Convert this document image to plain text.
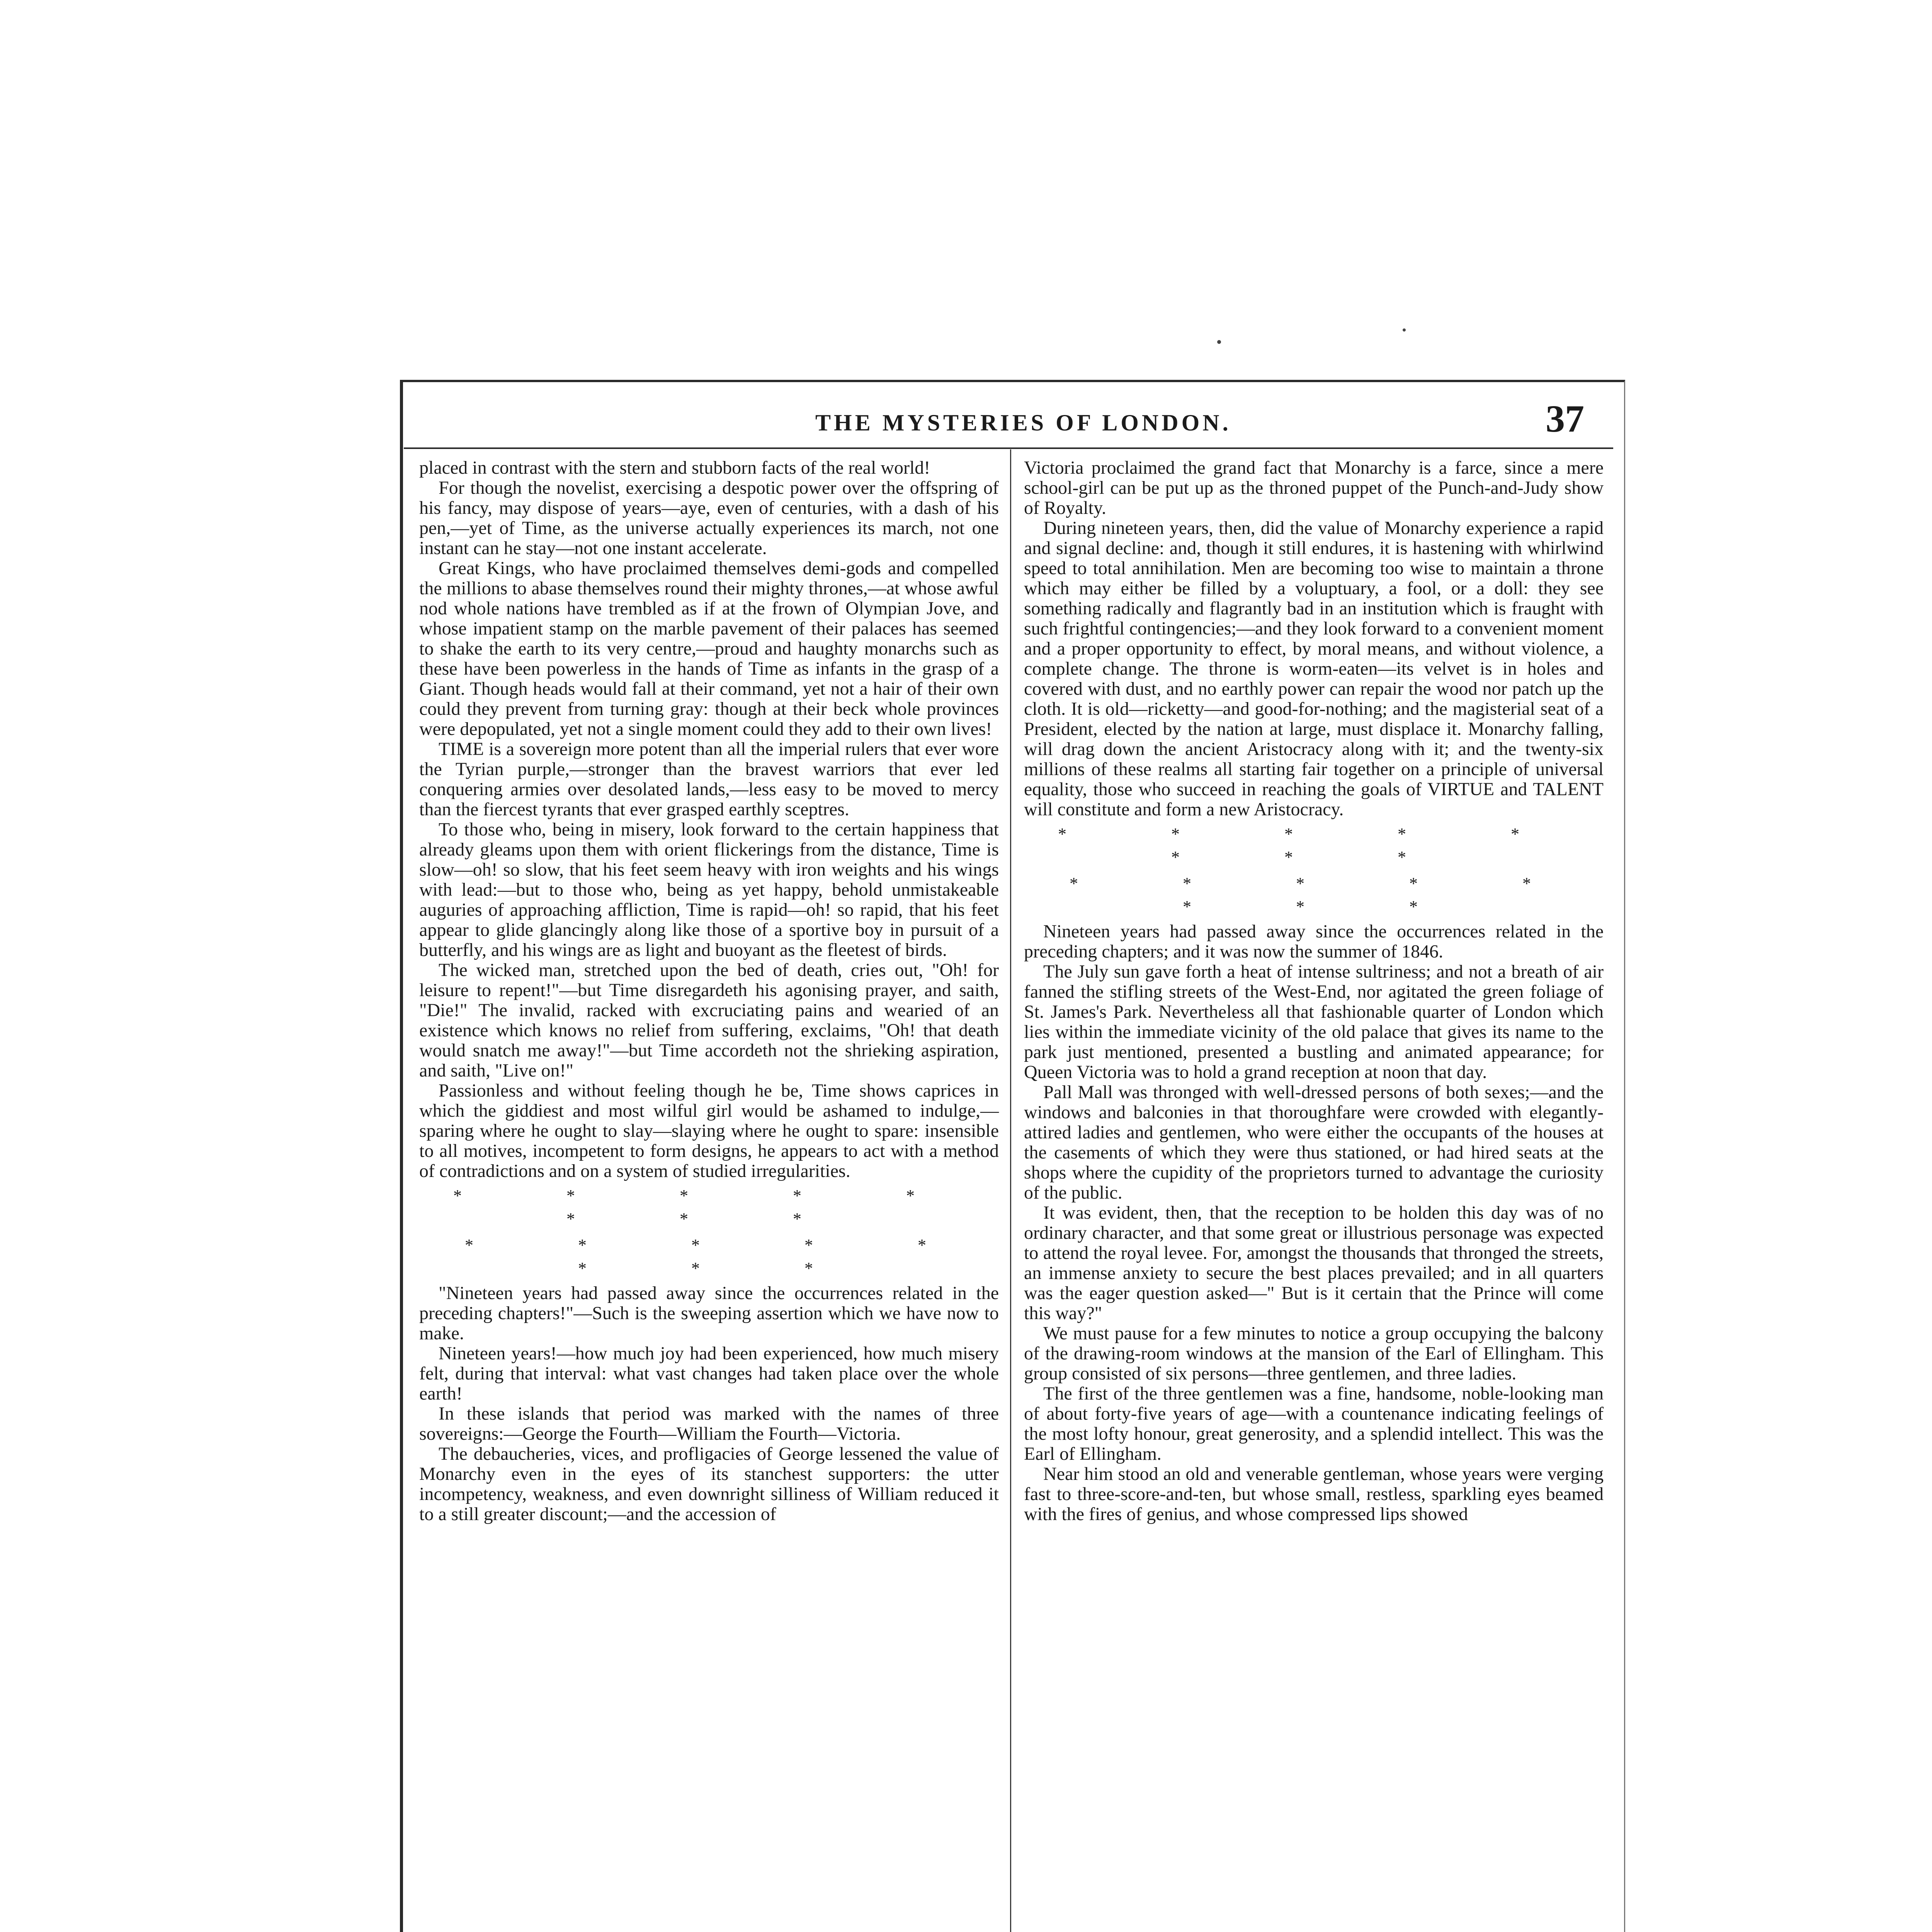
THE MYSTERIES OF LONDON.	37

placed in contrast with the stern and stubborn facts of the real world!

For though the novelist, exercising a despotic power over the offspring of his fancy, may dispose of years—aye, even of centuries, with a dash of his pen,—yet of Time, as the universe actually experiences its march, not one instant can he stay—not one instant accelerate.

Great Kings, who have proclaimed themselves demi-gods and compelled the millions to abase themselves round their mighty thrones,—at whose awful nod whole nations have trembled as if at the frown of Olympian Jove, and whose impatient stamp on the marble pavement of their palaces has seemed to shake the earth to its very centre,—proud and haughty monarchs such as these have been powerless in the hands of Time as infants in the grasp of a Giant. Though heads would fall at their command, yet not a hair of their own could they prevent from turning gray: though at their beck whole provinces were depopulated, yet not a single moment could they add to their own lives!

TIME is a sovereign more potent than all the imperial rulers that ever wore the Tyrian purple,—stronger than the bravest warriors that ever led conquering armies over desolated lands,—less easy to be moved to mercy than the fiercest tyrants that ever grasped earthly sceptres.

To those who, being in misery, look forward to the certain happiness that already gleams upon them with orient flickerings from the distance, Time is slow—oh! so slow, that his feet seem heavy with iron weights and his wings with lead:—but to those who, being as yet happy, behold unmistakeable auguries of approaching affliction, Time is rapid—oh! so rapid, that his feet appear to glide glancingly along like those of a sportive boy in pursuit of a butterfly, and his wings are as light and buoyant as the fleetest of birds.

The wicked man, stretched upon the bed of death, cries out, "Oh! for leisure to repent!"—but Time disregardeth his agonising prayer, and saith, "Die!" The invalid, racked with excruciating pains and wearied of an existence which knows no relief from suffering, exclaims, "Oh! that death would snatch me away!"—but Time accordeth not the shrieking aspiration, and saith, "Live on!"

Passionless and without feeling though he be, Time shows caprices in which the giddiest and most wilful girl would be ashamed to indulge,—sparing where he ought to slay—slaying where he ought to spare: insensible to all motives, incompetent to form designs, he appears to act with a method of contradictions and on a system of studied irregularities.

* * * * * * * *
* * * * * * * *

"Nineteen years had passed away since the occurrences related in the preceding chapters!"—Such is the sweeping assertion which we have now to make.

Nineteen years!—how much joy had been experienced, how much misery felt, during that interval: what vast changes had taken place over the whole earth!

In these islands that period was marked with the names of three sovereigns:—George the Fourth—William the Fourth—Victoria.

The debaucheries, vices, and profligacies of George lessened the value of Monarchy even in the eyes of its stanchest supporters: the utter incompetency, weakness, and even downright silliness of William reduced it to a still greater discount;—and the accession of

Victoria proclaimed the grand fact that Monarchy is a farce, since a mere school-girl can be put up as the throned puppet of the Punch-and-Judy show of Royalty.

During nineteen years, then, did the value of Monarchy experience a rapid and signal decline: and, though it still endures, it is hastening with whirlwind speed to total annihilation. Men are becoming too wise to maintain a throne which may either be filled by a voluptuary, a fool, or a doll: they see something radically and flagrantly bad in an institution which is fraught with such frightful contingencies;—and they look forward to a convenient moment and a proper opportunity to effect, by moral means, and without violence, a complete change. The throne is worm-eaten—its velvet is in holes and covered with dust, and no earthly power can repair the wood nor patch up the cloth. It is old—ricketty—and good-for-nothing; and the magisterial seat of a President, elected by the nation at large, must displace it. Monarchy falling, will drag down the ancient Aristocracy along with it; and the twenty-six millions of these realms all starting fair together on a principle of universal equality, those who succeed in reaching the goals of VIRTUE and TALENT will constitute and form a new Aristocracy.

* * * * * * * *
* * * * * * * *

Nineteen years had passed away since the occurrences related in the preceding chapters; and it was now the summer of 1846.

The July sun gave forth a heat of intense sultriness; and not a breath of air fanned the stifling streets of the West-End, nor agitated the green foliage of St. James's Park. Nevertheless all that fashionable quarter of London which lies within the immediate vicinity of the old palace that gives its name to the park just mentioned, presented a bustling and animated appearance; for Queen Victoria was to hold a grand reception at noon that day.

Pall Mall was thronged with well-dressed persons of both sexes;—and the windows and balconies in that thoroughfare were crowded with elegantly-attired ladies and gentlemen, who were either the occupants of the houses at the casements of which they were thus stationed, or had hired seats at the shops where the cupidity of the proprietors turned to advantage the curiosity of the public.

It was evident, then, that the reception to be holden this day was of no ordinary character, and that some great or illustrious personage was expected to attend the royal levee. For, amongst the thousands that thronged the streets, an immense anxiety to secure the best places prevailed; and in all quarters was the eager question asked—" But is it certain that the Prince will come this way?"

We must pause for a few minutes to notice a group occupying the balcony of the drawing-room windows at the mansion of the Earl of Ellingham. This group consisted of six persons—three gentlemen, and three ladies.

The first of the three gentlemen was a fine, handsome, noble-looking man of about forty-five years of age—with a countenance indicating feelings of the most lofty honour, great generosity, and a splendid intellect. This was the Earl of Ellingham.

Near him stood an old and venerable gentleman, whose years were verging fast to three-score-and-ten, but whose small, restless, sparkling eyes beamed with the fires of genius, and whose compressed lips showed
